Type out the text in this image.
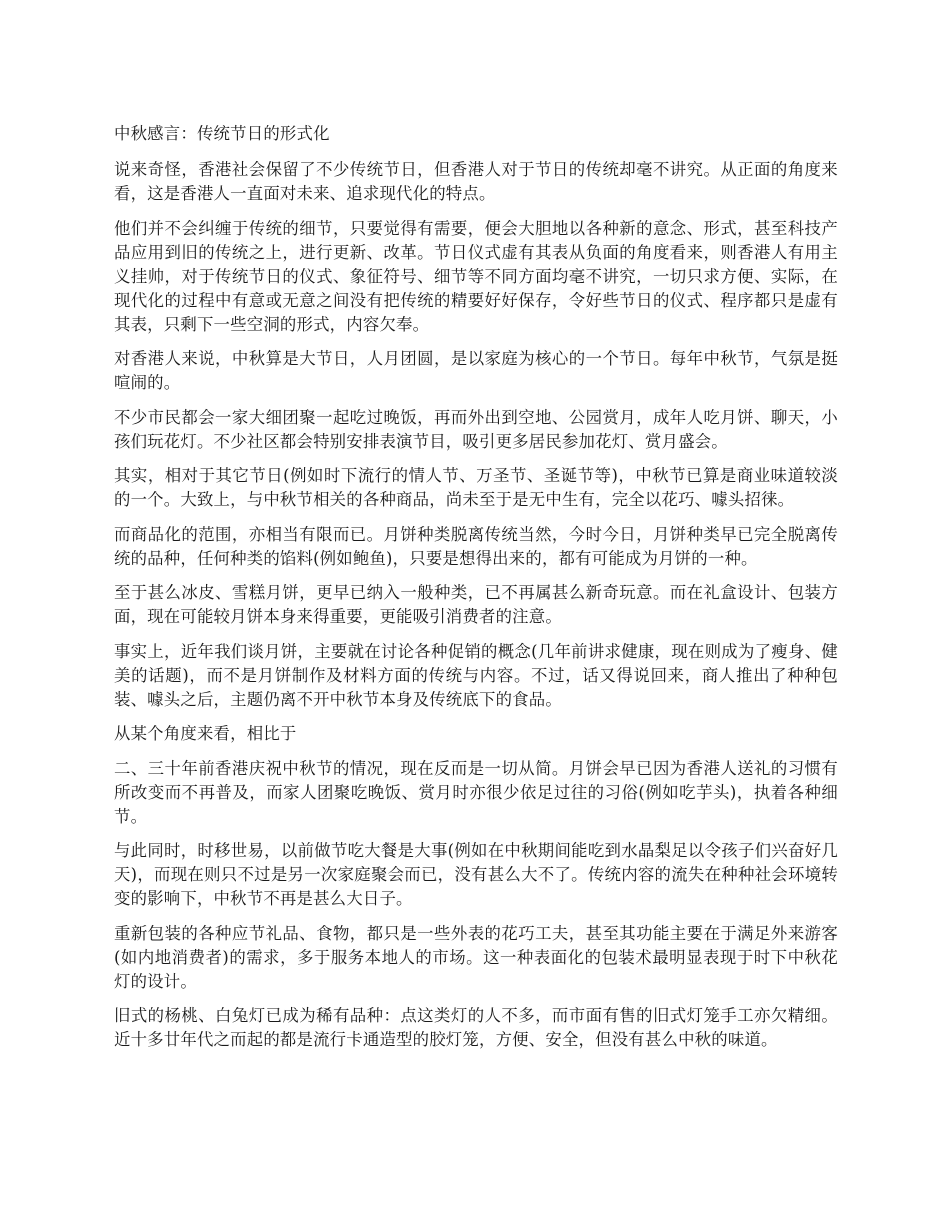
中秋感言：传统节日的形式化

说来奇怪，香港社会保留了不少传统节日，但香港人对于节日的传统却毫不讲究。从正面的角度来看，这是香港人一直面对未来、追求现代化的特点。

他们并不会纠缠于传统的细节，只要觉得有需要，便会大胆地以各种新的意念、形式，甚至科技产品应用到旧的传统之上，进行更新、改革。节日仪式虚有其表从负面的角度看来，则香港人有用主义挂帅，对于传统节日的仪式、象征符号、细节等不同方面均毫不讲究，一切只求方便、实际，在现代化的过程中有意或无意之间没有把传统的精要好好保存，令好些节日的仪式、程序都只是虚有其表，只剩下一些空洞的形式，内容欠奉。

对香港人来说，中秋算是大节日，人月团圆，是以家庭为核心的一个节日。每年中秋节，气氛是挺喧闹的。

不少市民都会一家大细团聚一起吃过晚饭，再而外出到空地、公园赏月，成年人吃月饼、聊天，小孩们玩花灯。不少社区都会特别安排表演节目，吸引更多居民参加花灯、赏月盛会。

其实，相对于其它节日(例如时下流行的情人节、万圣节、圣诞节等)，中秋节已算是商业味道较淡的一个。大致上，与中秋节相关的各种商品，尚未至于是无中生有，完全以花巧、噱头招徕。

而商品化的范围，亦相当有限而已。月饼种类脱离传统当然，今时今日，月饼种类早已完全脱离传统的品种，任何种类的馅料(例如鲍鱼)，只要是想得出来的，都有可能成为月饼的一种。

至于甚么冰皮、雪糕月饼，更早已纳入一般种类，已不再属甚么新奇玩意。而在礼盒设计、包装方面，现在可能较月饼本身来得重要，更能吸引消费者的注意。

事实上，近年我们谈月饼，主要就在讨论各种促销的概念(几年前讲求健康，现在则成为了瘦身、健美的话题)，而不是月饼制作及材料方面的传统与内容。不过，话又得说回来，商人推出了种种包装、噱头之后，主题仍离不开中秋节本身及传统底下的食品。

从某个角度来看，相比于

二、三十年前香港庆祝中秋节的情况，现在反而是一切从简。月饼会早已因为香港人送礼的习惯有所改变而不再普及，而家人团聚吃晚饭、赏月时亦很少依足过往的习俗(例如吃芋头)，执着各种细节。

与此同时，时移世易，以前做节吃大餐是大事(例如在中秋期间能吃到水晶梨足以令孩子们兴奋好几天)，而现在则只不过是另一次家庭聚会而已，没有甚么大不了。传统内容的流失在种种社会环境转变的影响下，中秋节不再是甚么大日子。

重新包装的各种应节礼品、食物，都只是一些外表的花巧工夫，甚至其功能主要在于满足外来游客(如内地消费者)的需求，多于服务本地人的市场。这一种表面化的包装术最明显表现于时下中秋花灯的设计。

旧式的杨桃、白兔灯已成为稀有品种：点这类灯的人不多，而市面有售的旧式灯笼手工亦欠精细。近十多廿年代之而起的都是流行卡通造型的胶灯笼，方便、安全，但没有甚么中秋的味道。
